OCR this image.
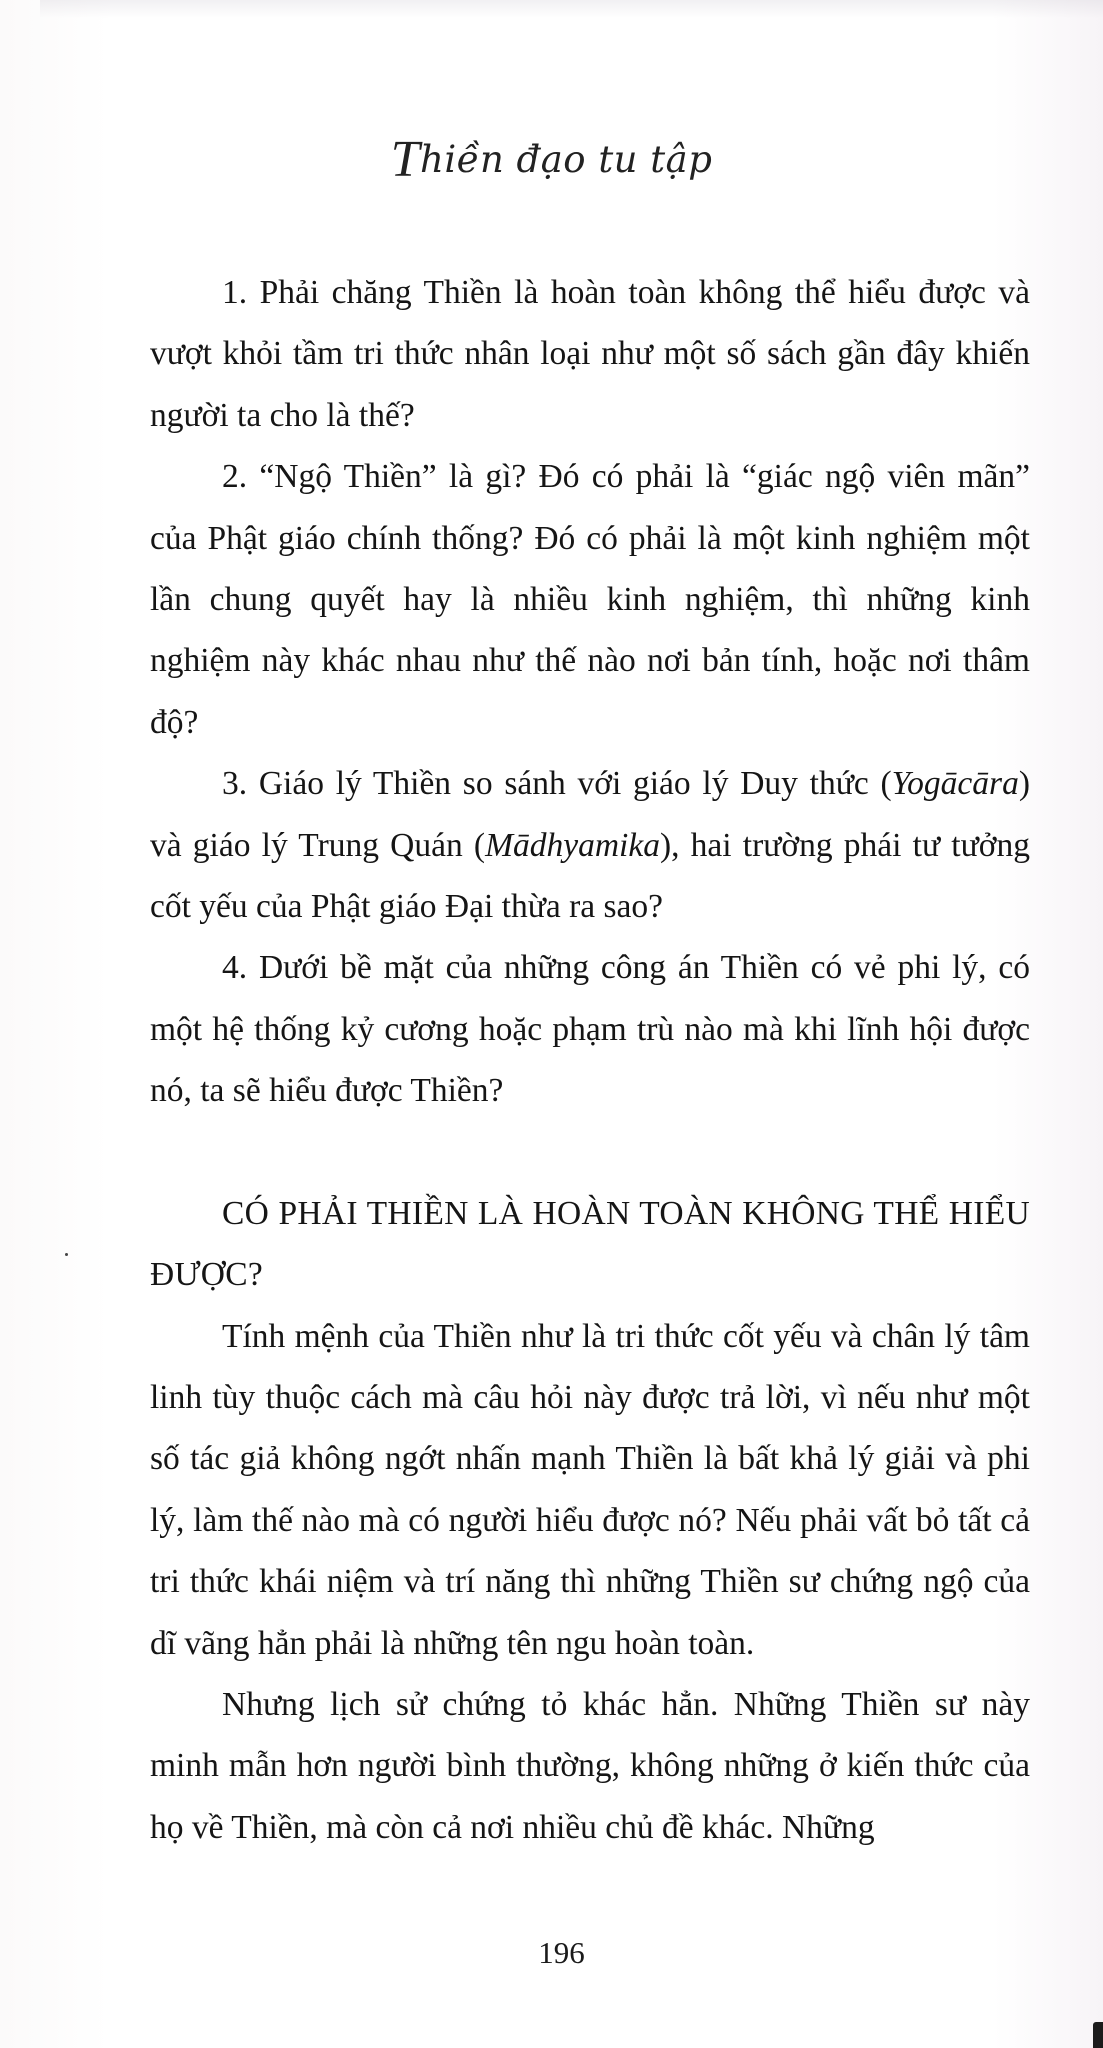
Thiền đạo tu tập

1. Phải chăng Thiền là hoàn toàn không thể hiểu được và vượt khỏi tầm tri thức nhân loại như một số sách gần đây khiến người ta cho là thế?

2. “Ngộ Thiền” là gì? Đó có phải là “giác ngộ viên mãn” của Phật giáo chính thống? Đó có phải là một kinh nghiệm một lần chung quyết hay là nhiều kinh nghiệm, thì những kinh nghiệm này khác nhau như thế nào nơi bản tính, hoặc nơi thâm độ?

3. Giáo lý Thiền so sánh với giáo lý Duy thức (Yogācāra) và giáo lý Trung Quán (Mādhyamika), hai trường phái tư tưởng cốt yếu của Phật giáo Đại thừa ra sao?

4. Dưới bề mặt của những công án Thiền có vẻ phi lý, có một hệ thống kỷ cương hoặc phạm trù nào mà khi lĩnh hội được nó, ta sẽ hiểu được Thiền?

CÓ PHẢI THIỀN LÀ HOÀN TOÀN KHÔNG THỂ HIỂU ĐƯỢC?

Tính mệnh của Thiền như là tri thức cốt yếu và chân lý tâm linh tùy thuộc cách mà câu hỏi này được trả lời, vì nếu như một số tác giả không ngớt nhấn mạnh Thiền là bất khả lý giải và phi lý, làm thế nào mà có người hiểu được nó? Nếu phải vất bỏ tất cả tri thức khái niệm và trí năng thì những Thiền sư chứng ngộ của dĩ vãng hẳn phải là những tên ngu hoàn toàn.

Nhưng lịch sử chứng tỏ khác hẳn. Những Thiền sư này minh mẫn hơn người bình thường, không những ở kiến thức của họ về Thiền, mà còn cả nơi nhiều chủ đề khác. Những

196
